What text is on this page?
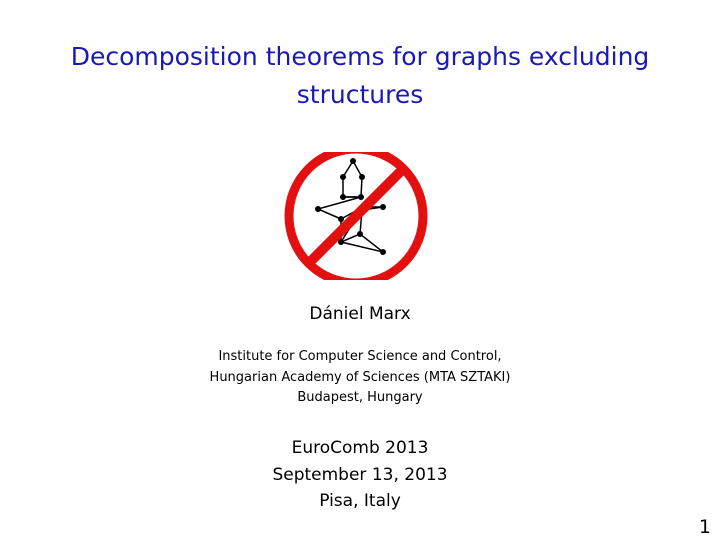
Decomposition theorems for graphs excluding
structures
Dániel Marx
Institute for Computer Science and Control,
Hungarian Academy of Sciences (MTA SZTAKI)
Budapest, Hungary
EuroComb 2013
September 13, 2013
Pisa, Italy
1
